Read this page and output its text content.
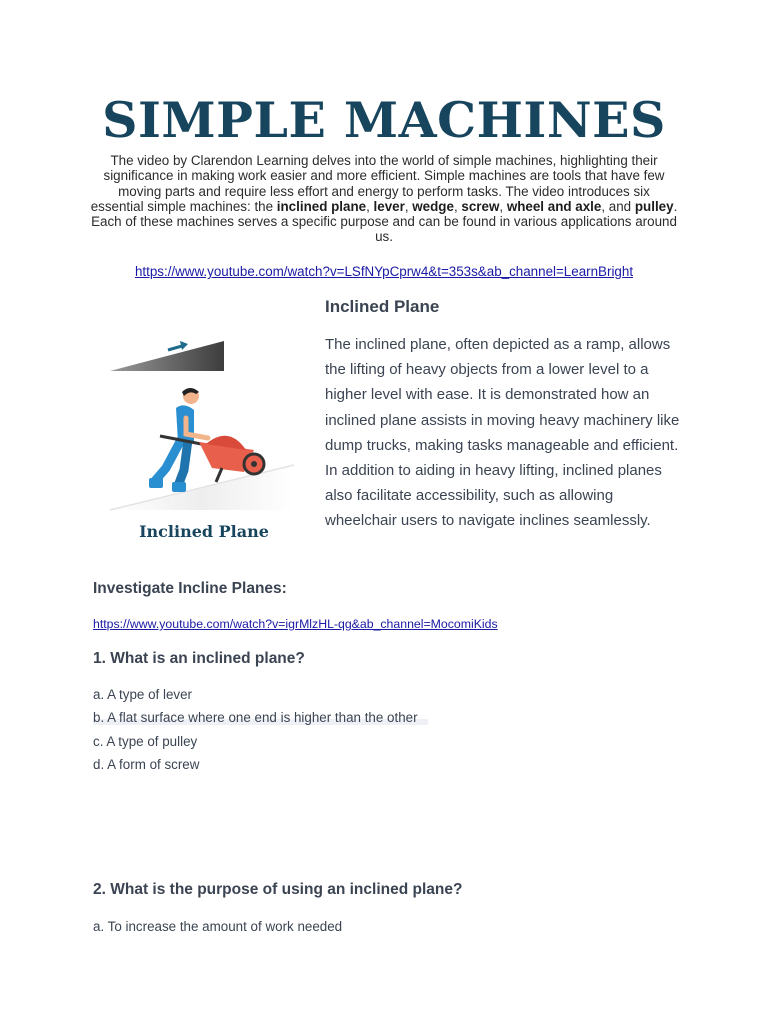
SIMPLE MACHINES

The video by Clarendon Learning delves into the world of simple machines, highlighting their significance in making work easier and more efficient. Simple machines are tools that have few moving parts and require less effort and energy to perform tasks. The video introduces six essential simple machines: the inclined plane, lever, wedge, screw, wheel and axle, and pulley. Each of these machines serves a specific purpose and can be found in various applications around us.

https://www.youtube.com/watch?v=LSfNYpCprw4&t=353s&ab_channel=LearnBright
Inclined Plane
Inclined Plane

The inclined plane, often depicted as a ramp, allows the lifting of heavy objects from a lower level to a higher level with ease. It is demonstrated how an inclined plane assists in moving heavy machinery like dump trucks, making tasks manageable and efficient. In addition to aiding in heavy lifting, inclined planes also facilitate accessibility, such as allowing wheelchair users to navigate inclines seamlessly.

Investigate Incline Planes:
https://www.youtube.com/watch?v=igrMlzHL-qg&ab_channel=MocomiKids
1. What is an inclined plane?
a. A type of lever
b. A flat surface where one end is higher than the other
c. A type of pulley
d. A form of screw
2. What is the purpose of using an inclined plane?
a. To increase the amount of work needed
